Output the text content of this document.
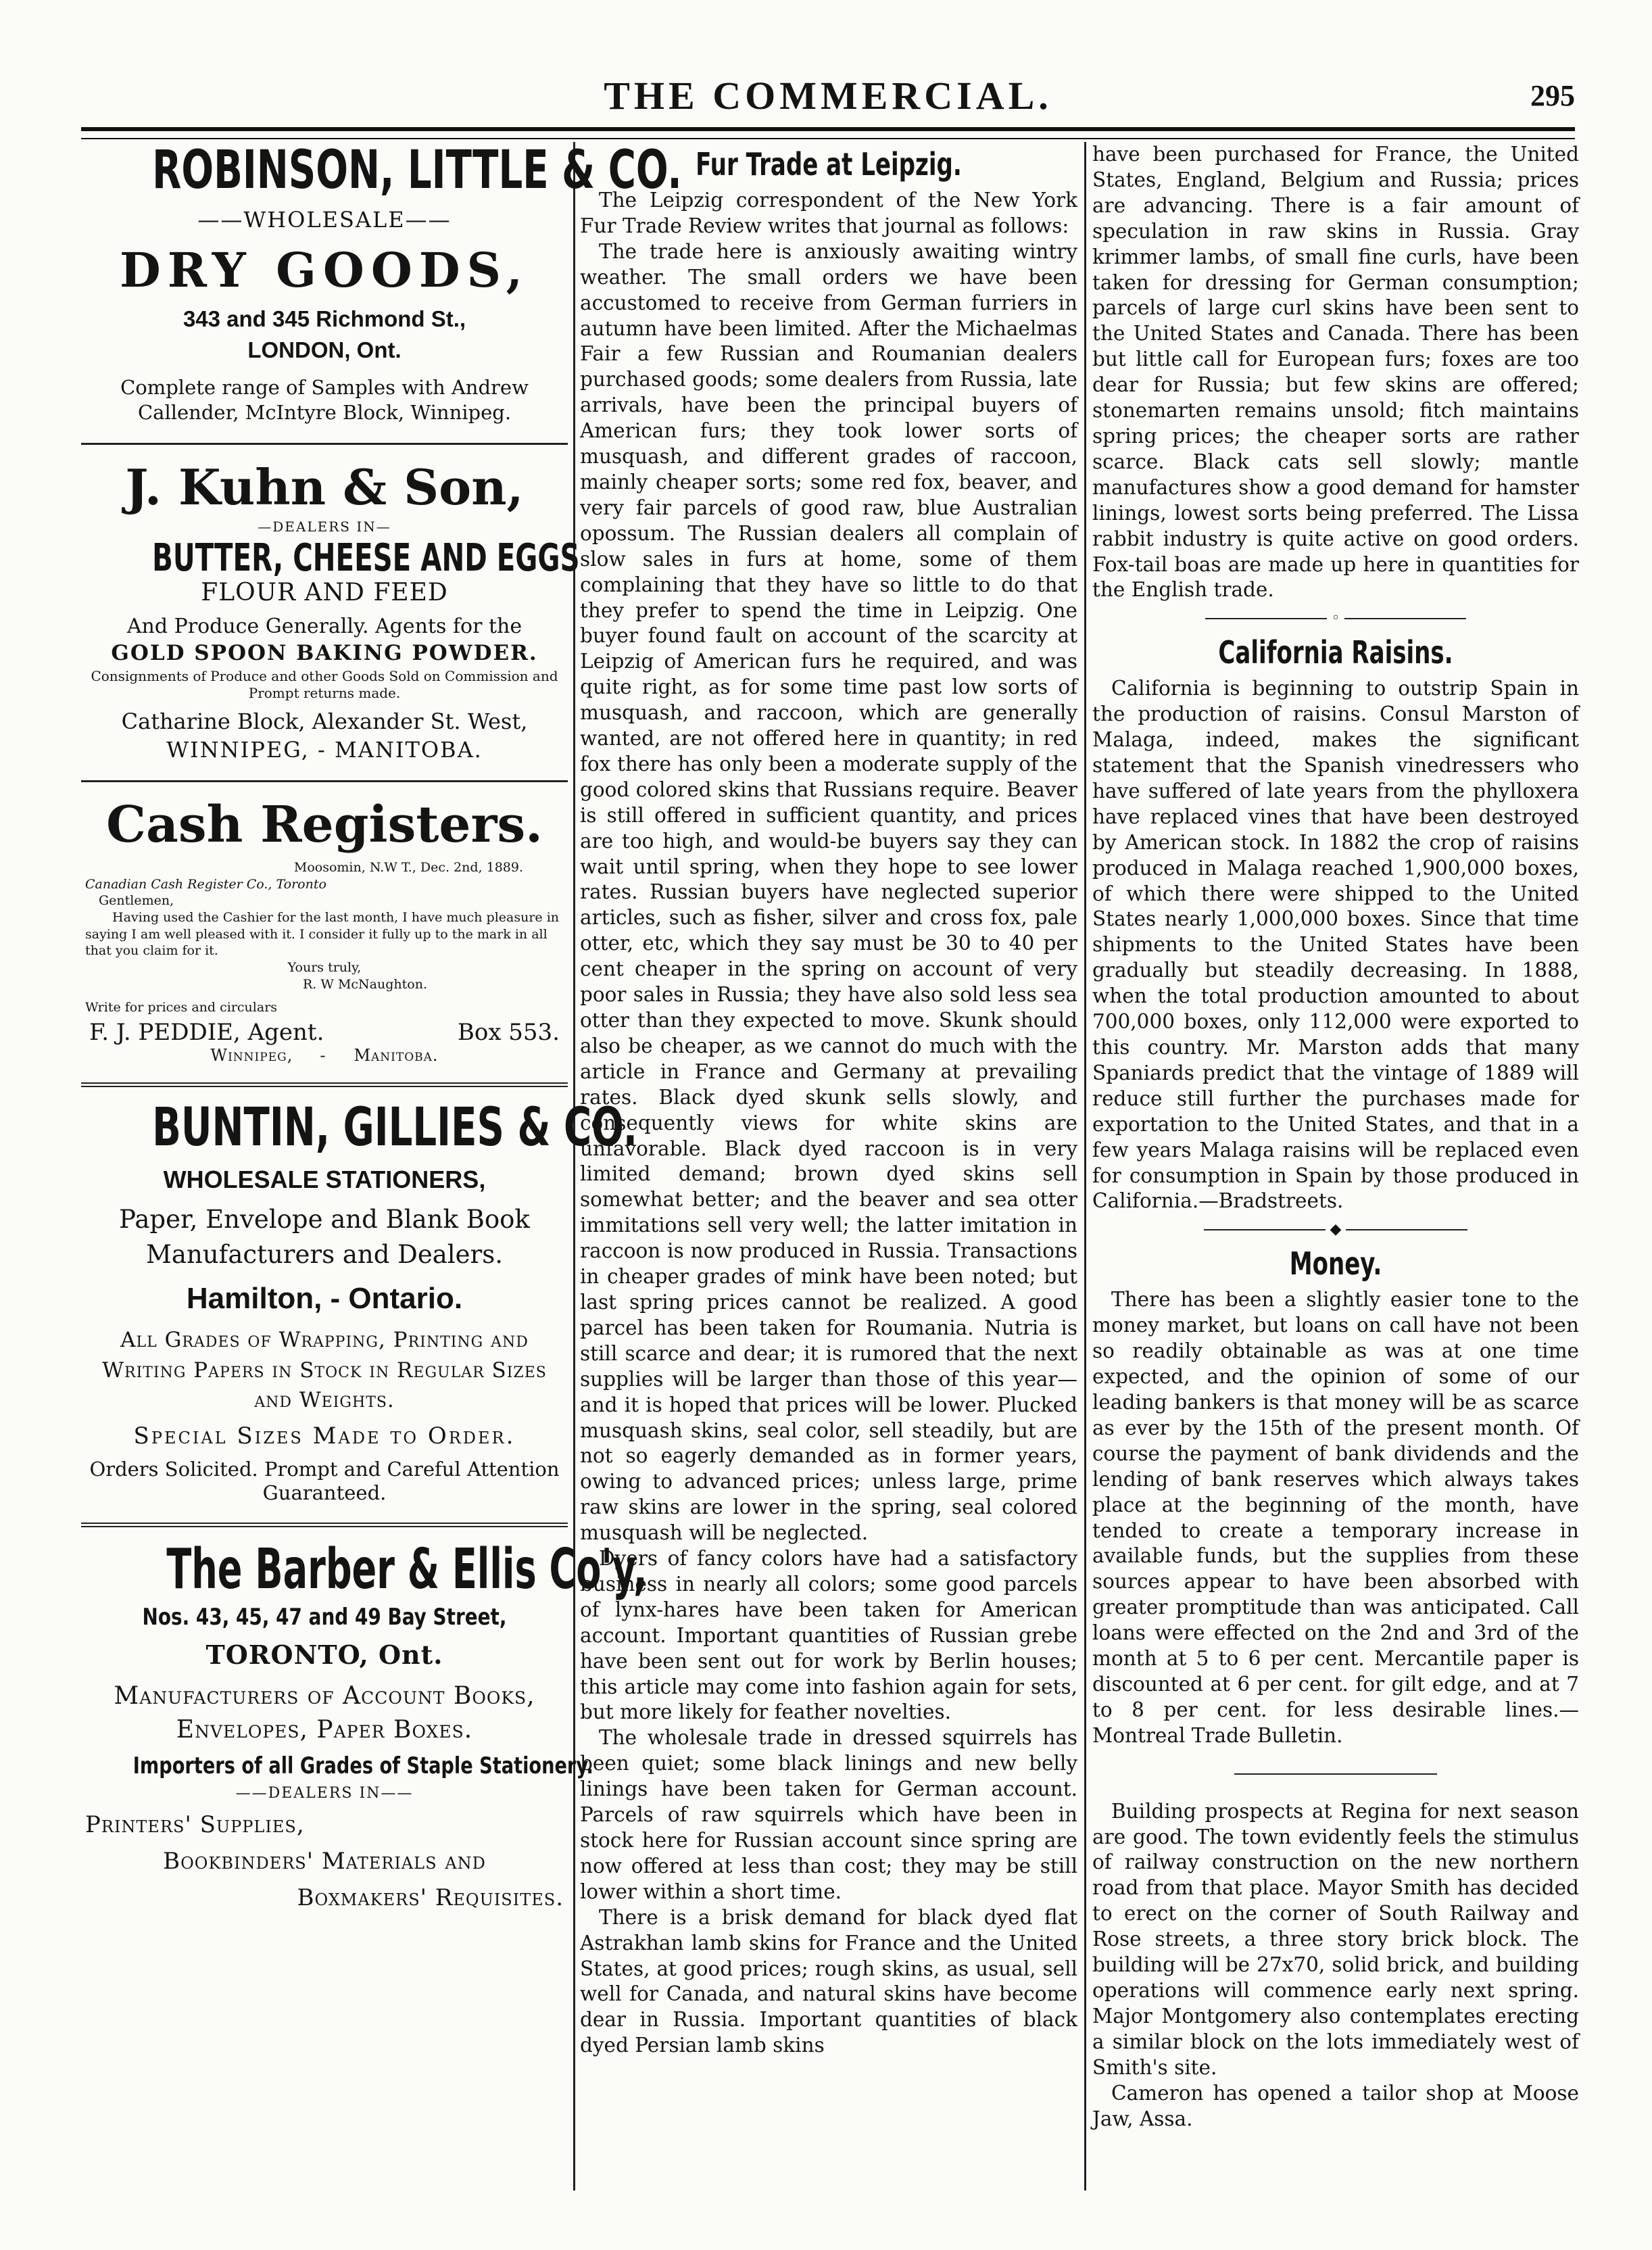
THE COMMERCIAL.	295
ROBINSON, LITTLE & CO.
——WHOLESALE——
DRY GOODS,
343 and 345 Richmond St.,
LONDON, Ont.
Complete range of Samples with Andrew Callender, McIntyre Block, Winnipeg.
J. Kuhn & Son,
—DEALERS IN—
BUTTER, CHEESE AND EGGS
FLOUR AND FEED
And Produce Generally. Agents for the
GOLD SPOON BAKING POWDER.
Consignments of Produce and other Goods Sold on Commission and Prompt returns made.
Catharine Block, Alexander St. West,
WINNIPEG, - MANITOBA.
Cash Registers.
Moosomin, N.W T., Dec. 2nd, 1889.
Canadian Cash Register Co., Toronto
Gentlemen,
Having used the Cashier for the last month, I have much pleasure in saying I am well pleased with it. I consider it fully up to the mark in all that you claim for it.
Yours truly,
R. W McNaughton.
Write for prices and circulars
F. J. PEDDIE, Agent.	Box 553.
Winnipeg, - Manitoba.
BUNTIN, GILLIES & CO.
WHOLESALE STATIONERS,
Paper, Envelope and Blank Book Manufacturers and Dealers.
Hamilton, - Ontario.
All Grades of Wrapping, Printing and Writing Papers in Stock in Regular Sizes and Weights.
Special Sizes Made to Order.
Orders Solicited. Prompt and Careful Attention Guaranteed.
The Barber & Ellis Co'y,
Nos. 43, 45, 47 and 49 Bay Street,
TORONTO, Ont.
Manufacturers of Account Books, Envelopes, Paper Boxes.
Importers of all Grades of Staple Stationery.
——DEALERS IN——
Printers' Supplies,
Bookbinders' Materials and
Boxmakers' Requisites.
Fur Trade at Leipzig.

The Leipzig correspondent of the New York Fur Trade Review writes that journal as follows:

The trade here is anxiously awaiting wintry weather. The small orders we have been accustomed to receive from German furriers in autumn have been limited. After the Michaelmas Fair a few Russian and Roumanian dealers purchased goods; some dealers from Russia, late arrivals, have been the principal buyers of American furs; they took lower sorts of musquash, and different grades of raccoon, mainly cheaper sorts; some red fox, beaver, and very fair parcels of good raw, blue Australian opossum. The Russian dealers all complain of slow sales in furs at home, some of them complaining that they have so little to do that they prefer to spend the time in Leipzig. One buyer found fault on account of the scarcity at Leipzig of American furs he required, and was quite right, as for some time past low sorts of musquash, and raccoon, which are generally wanted, are not offered here in quantity; in red fox there has only been a moderate supply of the good colored skins that Russians require. Beaver is still offered in sufficient quantity, and prices are too high, and would-be buyers say they can wait until spring, when they hope to see lower rates. Russian buyers have neglected superior articles, such as fisher, silver and cross fox, pale otter, etc, which they say must be 30 to 40 per cent cheaper in the spring on account of very poor sales in Russia; they have also sold less sea otter than they expected to move. Skunk should also be cheaper, as we cannot do much with the article in France and Germany at prevailing rates. Black dyed skunk sells slowly, and consequently views for white skins are unfavorable. Black dyed raccoon is in very limited demand; brown dyed skins sell somewhat better; and the beaver and sea otter immitations sell very well; the latter imitation in raccoon is now produced in Russia. Transactions in cheaper grades of mink have been noted; but last spring prices cannot be realized. A good parcel has been taken for Roumania. Nutria is still scarce and dear; it is rumored that the next supplies will be larger than those of this year—and it is hoped that prices will be lower. Plucked musquash skins, seal color, sell steadily, but are not so eagerly demanded as in former years, owing to advanced prices; unless large, prime raw skins are lower in the spring, seal colored musquash will be neglected.

Dyers of fancy colors have had a satisfactory business in nearly all colors; some good parcels of lynx-hares have been taken for American account. Important quantities of Russian grebe have been sent out for work by Berlin houses; this article may come into fashion again for sets, but more likely for feather novelties.

The wholesale trade in dressed squirrels has been quiet; some black linings and new belly linings have been taken for German account. Parcels of raw squirrels which have been in stock here for Russian account since spring are now offered at less than cost; they may be still lower within a short time.

There is a brisk demand for black dyed flat Astrakhan lamb skins for France and the United States, at good prices; rough skins, as usual, sell well for Canada, and natural skins have become dear in Russia. Important quantities of black dyed Persian lamb skins

have been purchased for France, the United States, England, Belgium and Russia; prices are advancing. There is a fair amount of speculation in raw skins in Russia. Gray krimmer lambs, of small fine curls, have been taken for dressing for German consumption; parcels of large curl skins have been sent to the United States and Canada. There has been but little call for European furs; foxes are too dear for Russia; but few skins are offered; stonemarten remains unsold; fitch maintains spring prices; the cheaper sorts are rather scarce. Black cats sell slowly; mantle manufactures show a good demand for hamster linings, lowest sorts being preferred. The Lissa rabbit industry is quite active on good orders. Fox-tail boas are made up here in quantities for the English trade.

◦
California Raisins.

California is beginning to outstrip Spain in the production of raisins. Consul Marston of Malaga, indeed, makes the significant statement that the Spanish vinedressers who have suffered of late years from the phylloxera have replaced vines that have been destroyed by American stock. In 1882 the crop of raisins produced in Malaga reached 1,900,000 boxes, of which there were shipped to the United States nearly 1,000,000 boxes. Since that time shipments to the United States have been gradually but steadily decreasing. In 1888, when the total production amounted to about 700,000 boxes, only 112,000 were exported to this country. Mr. Marston adds that many Spaniards predict that the vintage of 1889 will reduce still further the purchases made for exportation to the United States, and that in a few years Malaga raisins will be replaced even for consumption in Spain by those produced in California.—Bradstreets.

◆
Money.

There has been a slightly easier tone to the money market, but loans on call have not been so readily obtainable as was at one time expected, and the opinion of some of our leading bankers is that money will be as scarce as ever by the 15th of the present month. Of course the payment of bank dividends and the lending of bank reserves which always takes place at the beginning of the month, have tended to create a temporary increase in available funds, but the supplies from these sources appear to have been absorbed with greater promptitude than was anticipated. Call loans were effected on the 2nd and 3rd of the month at 5 to 6 per cent. Mercantile paper is discounted at 6 per cent. for gilt edge, and at 7 to 8 per cent. for less desirable lines.—Montreal Trade Bulletin.

Building prospects at Regina for next season are good. The town evidently feels the stimulus of railway construction on the new northern road from that place. Mayor Smith has decided to erect on the corner of South Railway and Rose streets, a three story brick block. The building will be 27x70, solid brick, and building operations will commence early next spring. Major Montgomery also contemplates erecting a similar block on the lots immediately west of Smith's site.

Cameron has opened a tailor shop at Moose Jaw, Assa.
